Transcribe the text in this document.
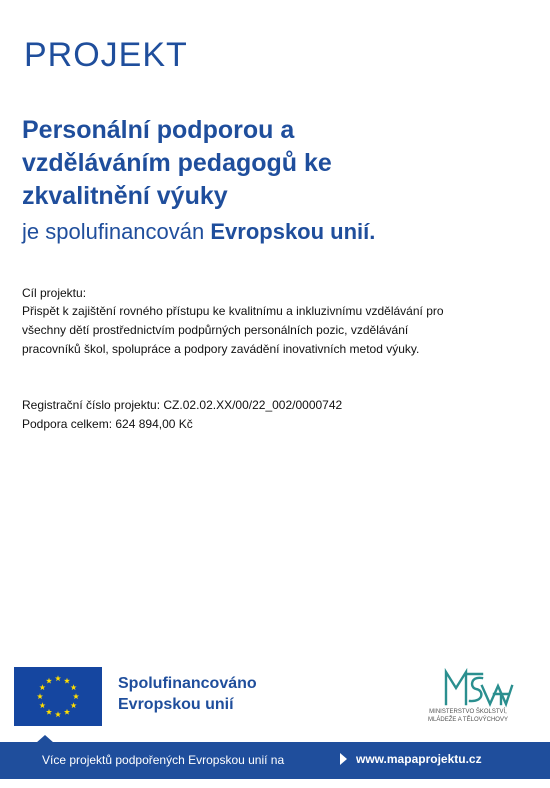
PROJEKT
Personální podporou a
vzděláváním pedagogů ke
zkvalitnění výuky
je spolufinancován Evropskou unií.
Cíl projektu:
Přispět k zajištění rovného přístupu ke kvalitnímu a inkluzivnímu vzdělávání pro
všechny dětí prostřednictvím podpůrných personálních pozic, vzdělávání
pracovníků škol, spolupráce a podpory zavádění inovativních metod výuky.
Registrační číslo projektu: CZ.02.02.XX/00/22_002/0000742
Podpora celkem: 624 894,00 Kč
Spolufinancováno
Evropskou unií	MINISTERSTVO ŠKOLSTVÍ,
MLÁDEŽE A TĚLOVÝCHOVY
Více projektů podpořených Evropskou unií na	www.mapaprojektu.cz
